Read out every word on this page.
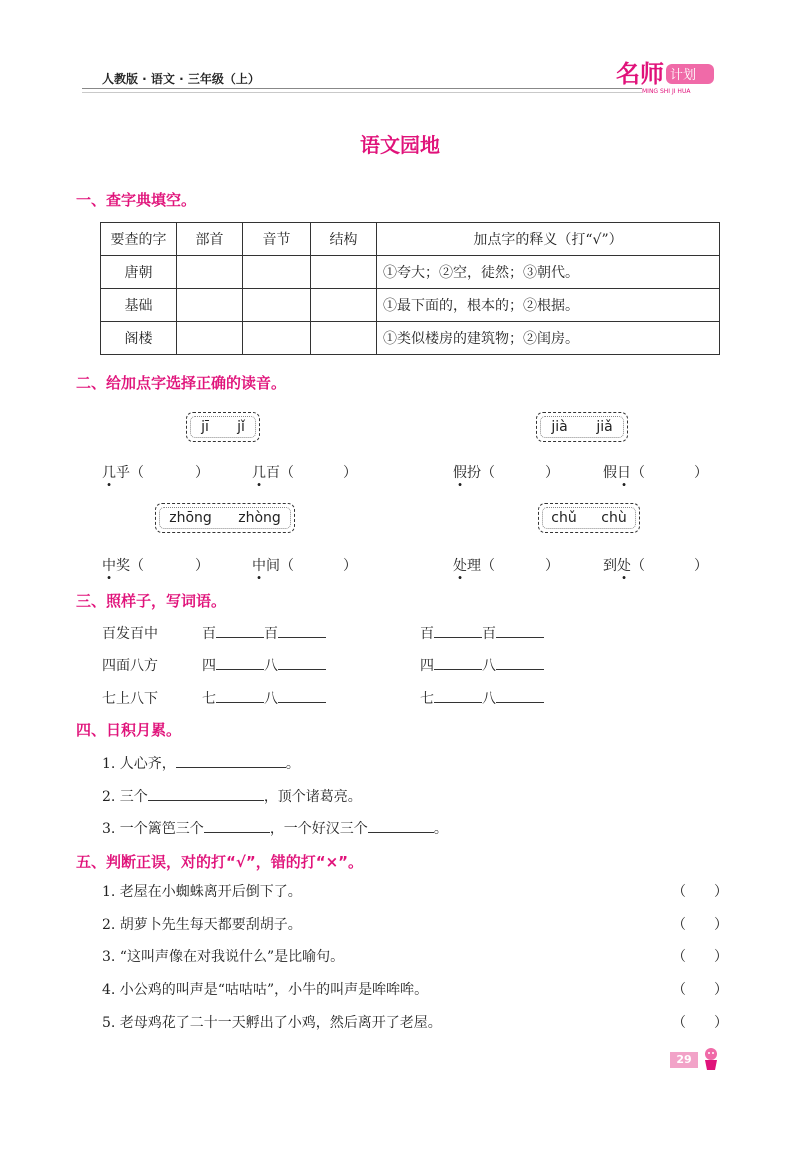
人教版 · 语文 · 三年级（上）	名师 计划
MING SHI JI HUA
语文园地
一、查字典填空。
要查的字	部首	音节	结构	加点字的释义（打“√”）
唐朝				①夸大；②空，徒然；③朝代。
基础				①最下面的，根本的；②根据。
阁楼				①类似楼房的建筑物；②闺房。
二、给加点字选择正确的读音。
jī jǐ	jià jiǎ
几乎（	）	几百（	）	假扮（	）	假日（	）
zhōng zhòng	chǔ chù
中奖（	）	中间（	）	处理（	）	到处（	）
三、照样子，写词语。
百发百中	百	百	百	百
四面八方	四	八	四	八
七上八下	七	八	七	八
四、日积月累。
1. 人心齐，	。
2. 三个	，顶个诸葛亮。
3. 一个篱笆三个	，一个好汉三个	。
五、判断正误，对的打“√”，错的打“×”。
1. 老屋在小蜘蛛离开后倒下了。	（　　）
2. 胡萝卜先生每天都要刮胡子。	（　　）
3. “这叫声像在对我说什么”是比喻句。	（　　）
4. 小公鸡的叫声是“咕咕咕”，小牛的叫声是哞哞哞。	（　　）
5. 老母鸡花了二十一天孵出了小鸡，然后离开了老屋。	（　　）
29
